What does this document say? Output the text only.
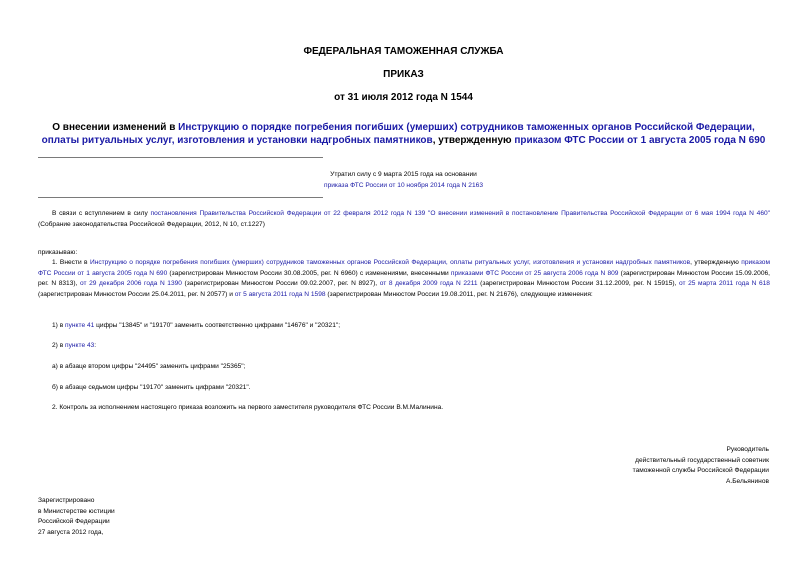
ФЕДЕРАЛЬНАЯ ТАМОЖЕННАЯ СЛУЖБА
ПРИКАЗ
от 31 июля 2012 года N 1544
О внесении изменений в Инструкцию о порядке погребения погибших (умерших) сотрудников таможенных органов Российской Федерации, оплаты ритуальных услуг, изготовления и установки надгробных памятников, утвержденную приказом ФТС России от 1 августа 2005 года N 690
Утратил силу с 9 марта 2015 года на основании
приказа ФТС России от 10 ноября 2014 года N 2163
В связи с вступлением в силу постановления Правительства Российской Федерации от 22 февраля 2012 года N 139 "О внесении изменений в постановление Правительства Российской Федерации от 6 мая 1994 года N 460" (Собрание законодательства Российской Федерации, 2012, N 10, ст.1227)
приказываю:
1. Внести в Инструкцию о порядке погребения погибших (умерших) сотрудников таможенных органов Российской Федерации, оплаты ритуальных услуг, изготовления и установки надгробных памятников, утвержденную приказом ФТС России от 1 августа 2005 года N 690 (зарегистрирован Минюстом России 30.08.2005, рег. N 6960) с изменениями, внесенными приказами ФТС России от 25 августа 2006 года N 809 (зарегистрирован Минюстом России 15.09.2006, рег. N 8313), от 29 декабря 2006 года N 1390 (зарегистрирован Минюстом России 09.02.2007, рег. N 8927), от 8 декабря 2009 года N 2211 (зарегистрирован Минюстом России 31.12.2009, рег. N 15915), от 25 марта 2011 года N 618 (зарегистрирован Минюстом России 25.04.2011, рег. N 20577) и от 5 августа 2011 года N 1598 (зарегистрирован Минюстом России 19.08.2011, рег. N 21676), следующие изменения:
1) в пункте 41 цифры "13845" и "19170" заменить соответственно цифрами "14676" и "20321";
2) в пункте 43:
а) в абзаце втором цифры "24495" заменить цифрами "25365";
б) в абзаце седьмом цифры "19170" заменить цифрами "20321".
2. Контроль за исполнением настоящего приказа возложить на первого заместителя руководителя ФТС России В.М.Малинина.
Руководитель
действительный государственный советник
таможенной службы Российской Федерации
А.Бельянинов
Зарегистрировано
в Министерстве юстиции
Российской Федерации
27 августа 2012 года,
